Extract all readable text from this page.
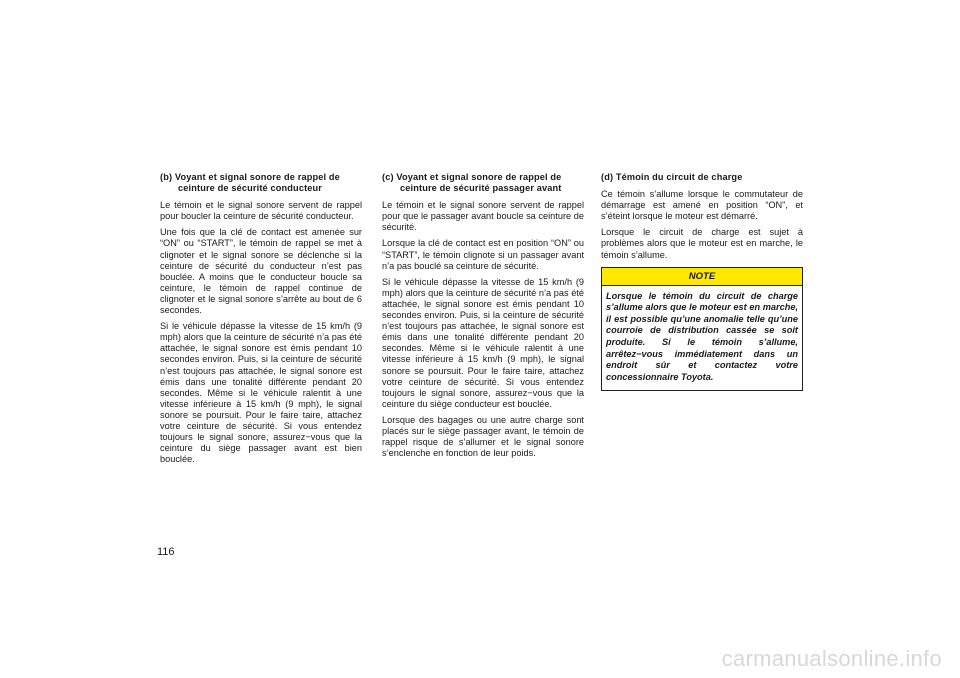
(b) Voyant et signal sonore de rappel de ceinture de sécurité conducteur

Le témoin et le signal sonore servent de rappel pour boucler la ceinture de sécurité conducteur.

Une fois que la clé de contact est amenée sur “ON” ou “START”, le témoin de rappel se met à clignoter et le signal sonore se déclenche si la ceinture de sécurité du conducteur n’est pas bouclée. A moins que le conducteur boucle sa ceinture, le témoin de rappel continue de clignoter et le signal sonore s’arrête au bout de 6 secondes.

Si le véhicule dépasse la vitesse de 15 km/h (9 mph) alors que la ceinture de sécurité n’a pas été attachée, le signal sonore est émis pendant 10 secondes environ. Puis, si la ceinture de sécurité n’est toujours pas attachée, le signal sonore est émis dans une tonalité différente pendant 20 secondes. Même si le véhicule ralentit à une vitesse inférieure à 15 km/h (9 mph), le signal sonore se poursuit. Pour le faire taire, attachez votre ceinture de sécurité. Si vous entendez toujours le signal sonore, assurez−vous que la ceinture du siège passager avant est bien bouclée.

(c) Voyant et signal sonore de rappel de ceinture de sécurité passager avant

Le témoin et le signal sonore servent de rappel pour que le passager avant boucle sa ceinture de sécurité.

Lorsque la clé de contact est en position “ON” ou “START”, le témoin clignote si un passager avant n’a pas bouclé sa ceinture de sécurité.

Si le véhicule dépasse la vitesse de 15 km/h (9 mph) alors que la ceinture de sécurité n’a pas été attachée, le signal sonore est émis pendant 10 secondes environ. Puis, si la ceinture de sécurité n’est toujours pas attachée, le signal sonore est émis dans une tonalité différente pendant 20 secondes. Même si le véhicule ralentit à une vitesse inférieure à 15 km/h (9 mph), le signal sonore se poursuit. Pour le faire taire, attachez votre ceinture de sécurité. Si vous entendez toujours le signal sonore, assurez−vous que la ceinture du siège conducteur est bouclée.

Lorsque des bagages ou une autre charge sont placés sur le siège passager avant, le témoin de rappel risque de s’allumer et le signal sonore s’enclenche en fonction de leur poids.

(d) Témoin du circuit de charge

Ce témoin s’allume lorsque le commutateur de démarrage est amené en position “ON”, et s’éteint lorsque le moteur est démarré.

Lorsque le circuit de charge est sujet à problèmes alors que le moteur est en marche, le témoin s’allume.

NOTE
Lorsque le témoin du circuit de charge s’allume alors que le moteur est en marche, il est possible qu’une anomalie telle qu’une courroie de distribution cassée se soit produite. Si le témoin s’allume, arrêtez−vous immédiatement dans un endroit sûr et contactez votre concessionnaire Toyota.
116
carmanualsonline.info
